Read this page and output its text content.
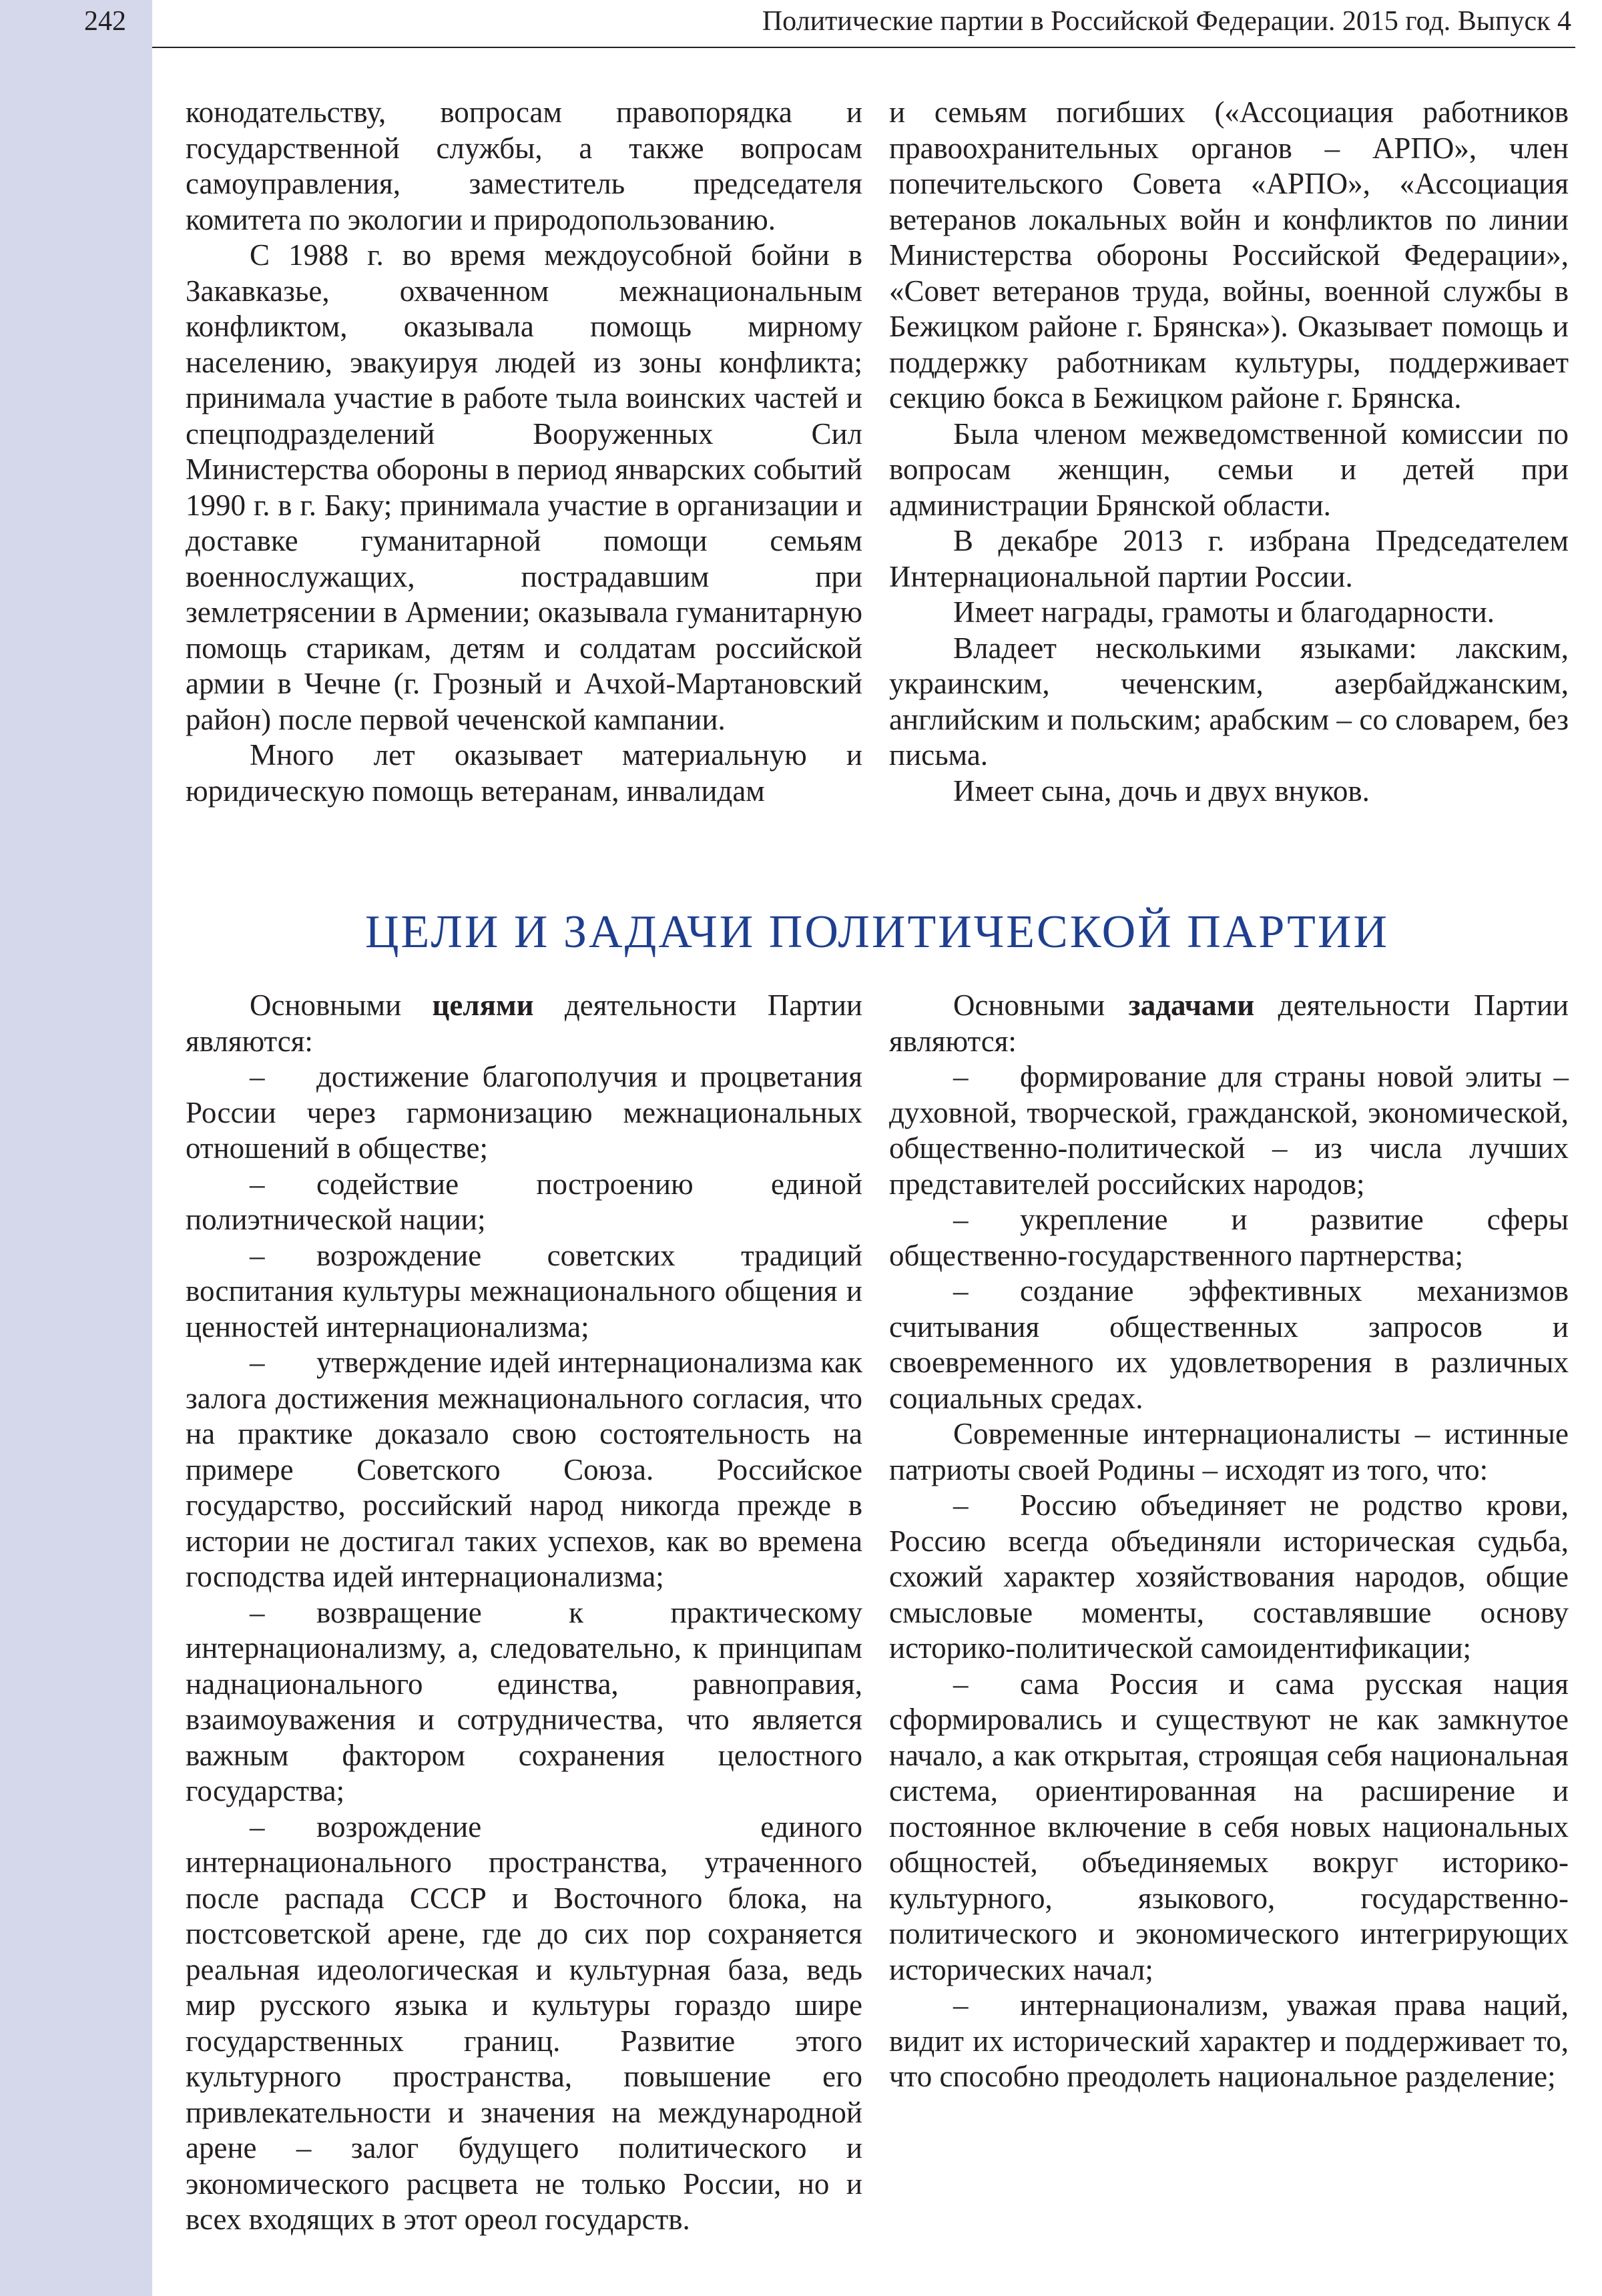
242	Политические партии в Российской Федерации. 2015 год. Выпуск 4

конодательству, вопросам правопорядка и государственной службы, а также вопросам самоуправления, заместитель председателя комитета по экологии и природопользованию.

С 1988 г. во время междоусобной бойни в Закавказье, охваченном межнациональным конфликтом, оказывала помощь мирному населению, эвакуируя людей из зоны конфликта; принимала участие в работе тыла воинских частей и спецподразделений Вооруженных Сил Министерства обороны в период январских событий 1990 г. в г. Баку; принимала участие в организации и доставке гуманитарной помощи семьям военнослужащих, пострадавшим при землетрясении в Армении; оказывала гуманитарную помощь старикам, детям и солдатам российской армии в Чечне (г. Грозный и Ачхой-Мартановский район) после первой чеченской кампании.

Много лет оказывает материальную и юридическую помощь ветеранам, инвалидам

и семьям погибших («Ассоциация работников правоохранительных органов – АРПО», член попечительского Совета «АРПО», «Ассоциация ветеранов локальных войн и конфликтов по линии Министерства обороны Российской Федерации», «Совет ветеранов труда, войны, военной службы в Бежицком районе г. Брянска»). Оказывает помощь и поддержку работникам культуры, поддерживает секцию бокса в Бежицком районе г. Брянска.

Была членом межведомственной комиссии по вопросам женщин, семьи и детей при администрации Брянской области.

В декабре 2013 г. избрана Председателем Интернациональной партии России.

Имеет награды, грамоты и благодарности.

Владеет несколькими языками: лакским, украинским, чеченским, азербайджанским, английским и польским; арабским – со словарем, без письма.

Имеет сына, дочь и двух внуков.

ЦЕЛИ И ЗАДАЧИ ПОЛИТИЧЕСКОЙ ПАРТИИ

Основными целями деятельности Партии являются:

– достижение благополучия и процветания России через гармонизацию межнациональных отношений в обществе;

– содействие построению единой полиэтнической нации;

– возрождение советских традиций воспитания культуры межнационального общения и ценностей интернационализма;

– утверждение идей интернационализма как залога достижения межнационального согласия, что на практике доказало свою состоятельность на примере Советского Союза. Российское государство, российский народ никогда прежде в истории не достигал таких успехов, как во времена господства идей интернационализма;

– возвращение к практическому интернационализму, а, следовательно, к принципам наднационального единства, равноправия, взаимоуважения и сотрудничества, что является важным фактором сохранения целостного государства;

– возрождение единого интернационального пространства, утраченного после распада СССР и Восточного блока, на постсоветской арене, где до сих пор сохраняется реальная идеологическая и культурная база, ведь мир русского языка и культуры гораздо шире государственных границ. Развитие этого культурного пространства, повышение его привлекательности и значения на международной арене – залог будущего политического и экономического расцвета не только России, но и всех входящих в этот ореол государств.

Основными задачами деятельности Партии являются:

– формирование для страны новой элиты – духовной, творческой, гражданской, экономической, общественно-политической – из числа лучших представителей российских народов;

– укрепление и развитие сферы общественно-государственного партнерства;

– создание эффективных механизмов считывания общественных запросов и своевременного их удовлетворения в различных социальных средах.

Современные интернационалисты – истинные патриоты своей Родины – исходят из того, что:

– Россию объединяет не родство крови, Россию всегда объединяли историческая судьба, схожий характер хозяйствования народов, общие смысловые моменты, составлявшие основу историко-политической самоидентификации;

– сама Россия и сама русская нация сформировались и существуют не как замкнутое начало, а как открытая, строящая себя национальная система, ориентированная на расширение и постоянное включение в себя новых национальных общностей, объединяемых вокруг историко-культурного, языкового, государственно-политического и экономического интегрирующих исторических начал;

– интернационализм, уважая права наций, видит их исторический характер и поддерживает то, что способно преодолеть национальное разделение;
